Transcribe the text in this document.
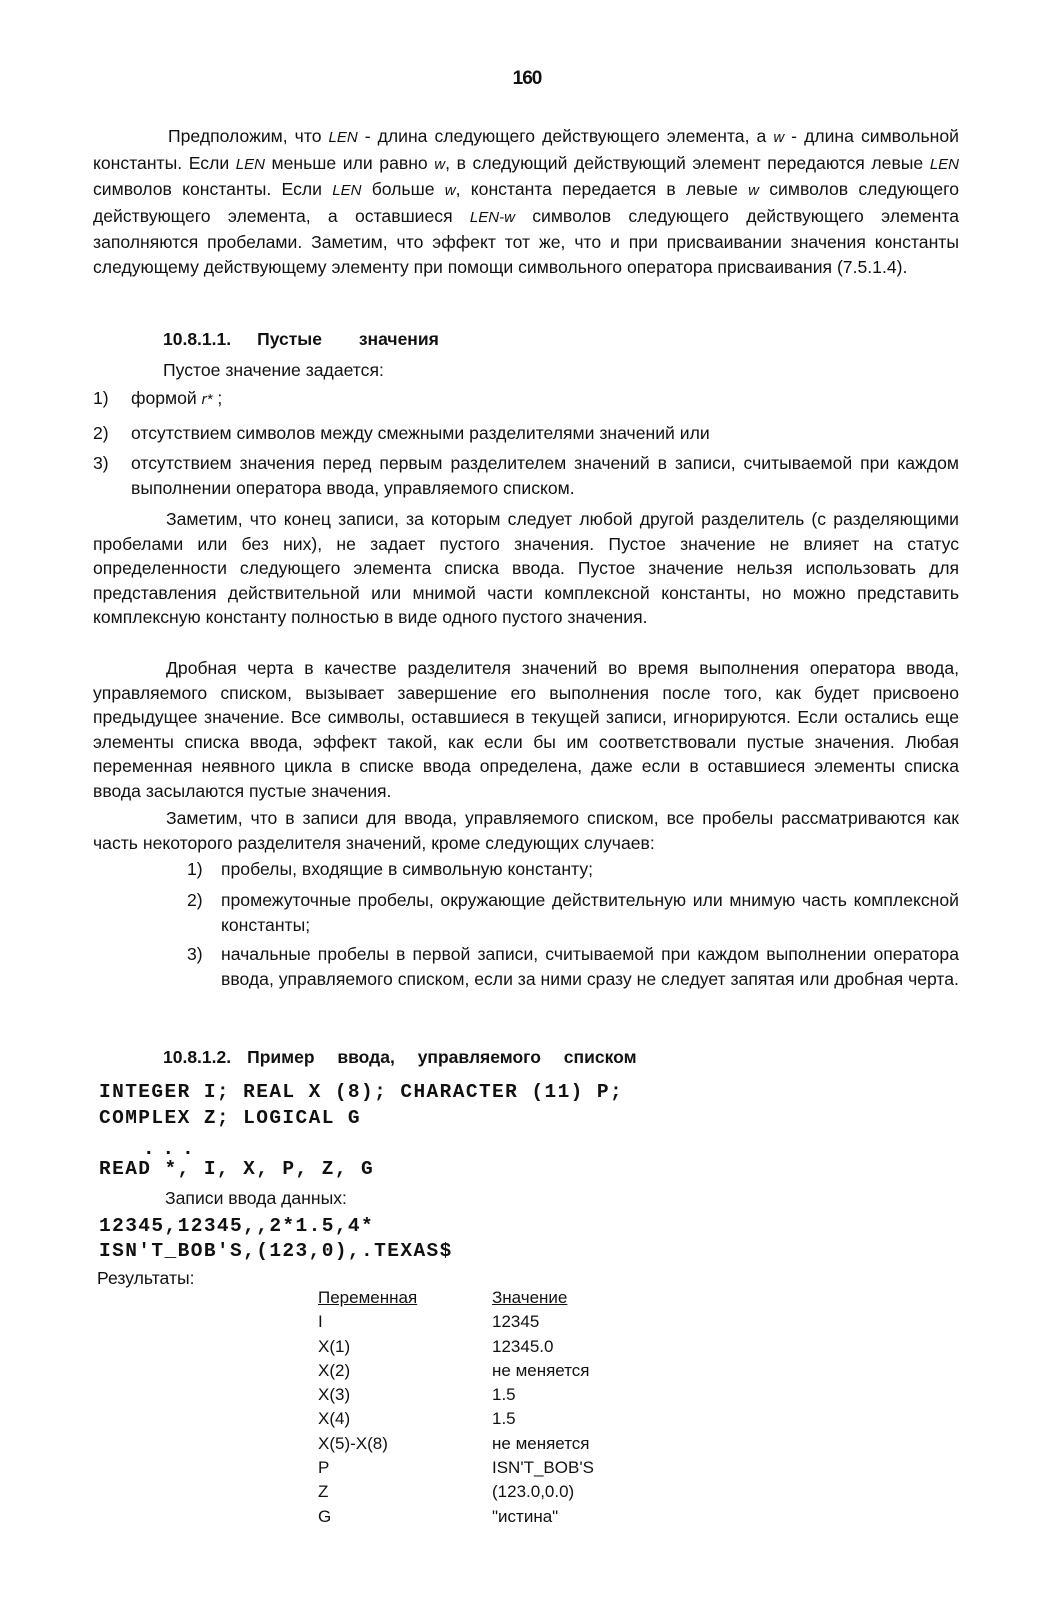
160

Предположим, что LEN - длина следующего действующего элемента, а w - длина символьной константы. Если LEN меньше или равно w, в следующий действующий элемент передаются левые LEN символов константы. Если LEN больше w, константа передается в левые w символов следующего действующего элемента, а оставшиеся LEN-w символов следующего действующего элемента заполняются пробелами. Заметим, что эффект тот же, что и при присваивании значения константы следующему действующему элементу при помощи символьного оператора присваивания (7.5.1.4).

10.8.1.1. Пустые значения

Пустое значение задается:

1) формой r* ;
2) отсутствием символов между смежными разделителями значений или
3) отсутствием значения перед первым разделителем значений в записи, считываемой при каждом выполнении оператора ввода, управляемого списком.

Заметим, что конец записи, за которым следует любой другой разделитель (с разделяющими пробелами или без них), не задает пустого значения. Пустое значение не влияет на статус определенности следующего элемента списка ввода. Пустое значение нельзя использовать для представления действительной или мнимой части комплексной константы, но можно представить комплексную константу полностью в виде одного пустого значения.

Дробная черта в качестве разделителя значений во время выполнения оператора ввода, управляемого списком, вызывает завершение его выполнения после того, как будет присвоено предыдущее значение. Все символы, оставшиеся в текущей записи, игнорируются. Если остались еще элементы списка ввода, эффект такой, как если бы им соответствовали пустые значения. Любая переменная неявного цикла в списке ввода определена, даже если в оставшиеся элементы списка ввода засылаются пустые значения.

Заметим, что в записи для ввода, управляемого списком, все пробелы рассматриваются как часть некоторого разделителя значений, кроме следующих случаев:

1) пробелы, входящие в символьную константу;
2) промежуточные пробелы, окружающие действительную или мнимую часть комплексной константы;
3) начальные пробелы в первой записи, считываемой при каждом выполнении оператора ввода, управляемого списком, если за ними сразу не следует запятая или дробная черта.
10.8.1.2. Пример ввода, управляемого списком
INTEGER I; REAL X (8); CHARACTER (11) P;
COMPLEX Z; LOGICAL G
...
READ *, I, X, P, Z, G

Записи ввода данных:

12345,12345,,2*1.5,4*
ISN'T_BOB'S,(123,0),.TEXAS$

Результаты:

Переменная	Значение
I	12345
X(1)	12345.0
X(2)	не меняется
X(3)	1.5
X(4)	1.5
X(5)-X(8)	не меняется
P	ISN'T_BOB'S
Z	(123.0,0.0)
G	"истина"
